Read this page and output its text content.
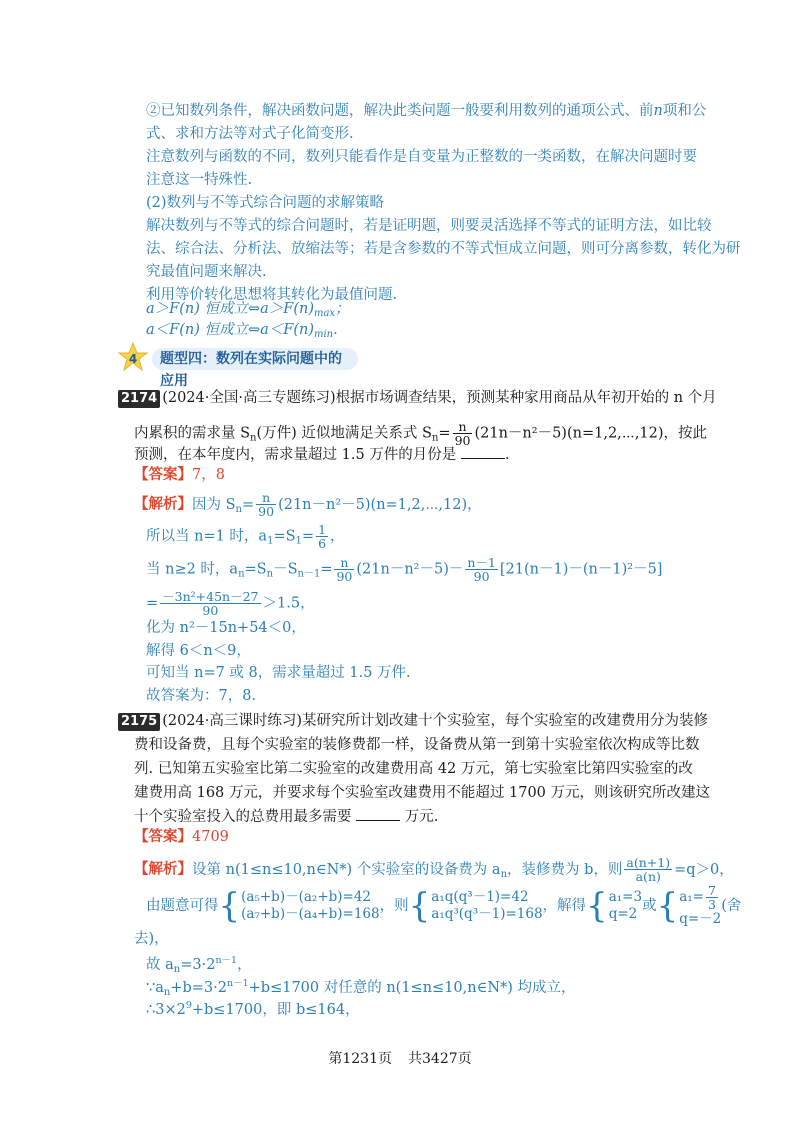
②已知数列条件，解决函数问题，解决此类问题一般要利用数列的通项公式、前n项和公
式、求和方法等对式子化简变形.
注意数列与函数的不同，数列只能看作是自变量为正整数的一类函数，在解决问题时要
注意这一特殊性.
(2)数列与不等式综合问题的求解策略
解决数列与不等式的综合问题时，若是证明题，则要灵活选择不等式的证明方法，如比较
法、综合法、分析法、放缩法等；若是含参数的不等式恒成立问题，则可分离参数，转化为研
究最值问题来解决.
利用等价转化思想将其转化为最值问题.
a＞F(n) 恒成立$\Leftrightarrow a>F(n)_{max}$；
a＜F(n) 恒成立$\Leftrightarrow a<F(n)_{min}$.
4	题型四：数列在实际问题中的应用
2174 (2024·全国·高三专题练习)根据市场调查结果，预测某种家用商品从年初开始的 n 个月
内累积的需求量 $S_n$(万件) 近似地满足关系式 $S_n= \frac{n}{90}$ (21n－n²－5)(n=1,2,⋯,12)，按此
预测，在本年度内，需求量超过 1.5 万件的月份是	.
【答案】7，8
【解析】因为 $S_n= \frac{n}{90}$ (21n－n²－5)(n=1,2,⋯,12)，
所以当 n=1 时，$a_1=S_1= \frac{1}{6}$ ，
当 n≥2 时，$a_n=S_n-S_{n-1}= \frac{n}{90} (21n-n^2-5)- \frac{n-1}{90} [21(n-1)-(n-1)^2-5]$
= $\frac{\text{－3n²+45n－27}}{90} >1.5$，
化为 n²－15n+54＜0，
解得 6＜n＜9，
可知当 n=7 或 8，需求量超过 1.5 万件.
故答案为：7，8.
2175 (2024·高三课时练习)某研究所计划改建十个实验室，每个实验室的改建费用分为装修
费和设备费，且每个实验室的装修费都一样，设备费从第一到第十实验室依次构成等比数
列. 已知第五实验室比第二实验室的改建费用高 42 万元，第七实验室比第四实验室的改
建费用高 168 万元，并要求每个实验室改建费用不能超过 1700 万元，则该研究所改建这
十个实验室投入的总费用最多需要	万元.
【答案】4709
【解析】设第 n(1≤n≤10,n∈N*) 个实验室的设备费为 $a_n$，装修费为 b，则 $\frac{a(n+1)}{a(n)} =q>0$，
由题意可得{ (a₅+b)－(a₂+b)=42
(a₇+b)－(a₄+b)=168 ，则{ a₁q(q³－1)=42
a₁q³(q³－1)=168 ，解得{ a₁=3
q=2 或{ $a_1= \frac{7}{3}$
q=－2
(舍
去)，
故 $a_n=3\cdot 2^{n-1}$，
$\because a_n+b=3\cdot 2^{n-1}+b\le 1700$ 对任意的 n(1≤n≤10,n∈N*) 均成立，
$\therefore 3\times 2^9+b\le 1700$，即 b≤164，
第1231页 共3427页
